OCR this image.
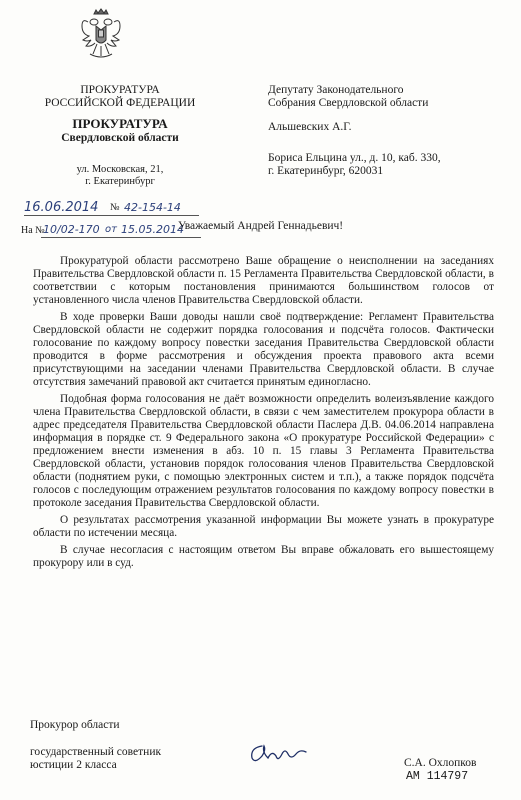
ПРОКУРАТУРА
РОССИЙСКОЙ ФЕДЕРАЦИИ
ПРОКУРАТУРА
Свердловской области
ул. Московская, 21,
г. Екатеринбург
16.06.2014 № 42-154-14
На №
10/02-170 от 15.05.2014
Депутату Законодательного
Собрания Свердловской области
Альшевских А.Г.
Бориса Ельцина ул., д. 10, каб. 330,
г. Екатеринбург, 620031
Уважаемый Андрей Геннадьевич!

Прокуратурой области рассмотрено Ваше обращение о неисполнении на заседаниях Правительства Свердловской области п. 15 Регламента Правительства Свердловской области, в соответствии с которым постановления принимаются большинством голосов от установленного числа членов Правительства Свердловской области.

В ходе проверки Ваши доводы нашли своё подтверждение: Регламент Правительства Свердловской области не содержит порядка голосования и подсчёта голосов. Фактически голосование по каждому вопросу повестки заседания Правительства Свердловской области проводится в форме рассмотрения и обсуждения проекта правового акта всеми присутствующими на заседании членами Правительства Свердловской области. В случае отсутствия замечаний правовой акт считается принятым единогласно.

Подобная форма голосования не даёт возможности определить волеизъявление каждого члена Правительства Свердловской области, в связи с чем заместителем прокурора области в адрес председателя Правительства Свердловской области Паслера Д.В. 04.06.2014 направлена информация в порядке ст. 9 Федерального закона «О прокуратуре Российской Федерации» с предложением внести изменения в абз. 10 п. 15 главы 3 Регламента Правительства Свердловской области, установив порядок голосования членов Правительства Свердловской области (поднятием руки, с помощью электронных систем и т.п.), а также порядок подсчёта голосов с последующим отражением результатов голосования по каждому вопросу повестки в протоколе заседания Правительства Свердловской области.

О результатах рассмотрения указанной информации Вы можете узнать в прокуратуре области по истечении месяца.

В случае несогласия с настоящим ответом Вы вправе обжаловать его вышестоящему прокурору или в суд.

Прокурор области
государственный советник
юстиции 2 класса	С.А. Охлопков
АМ 114797
